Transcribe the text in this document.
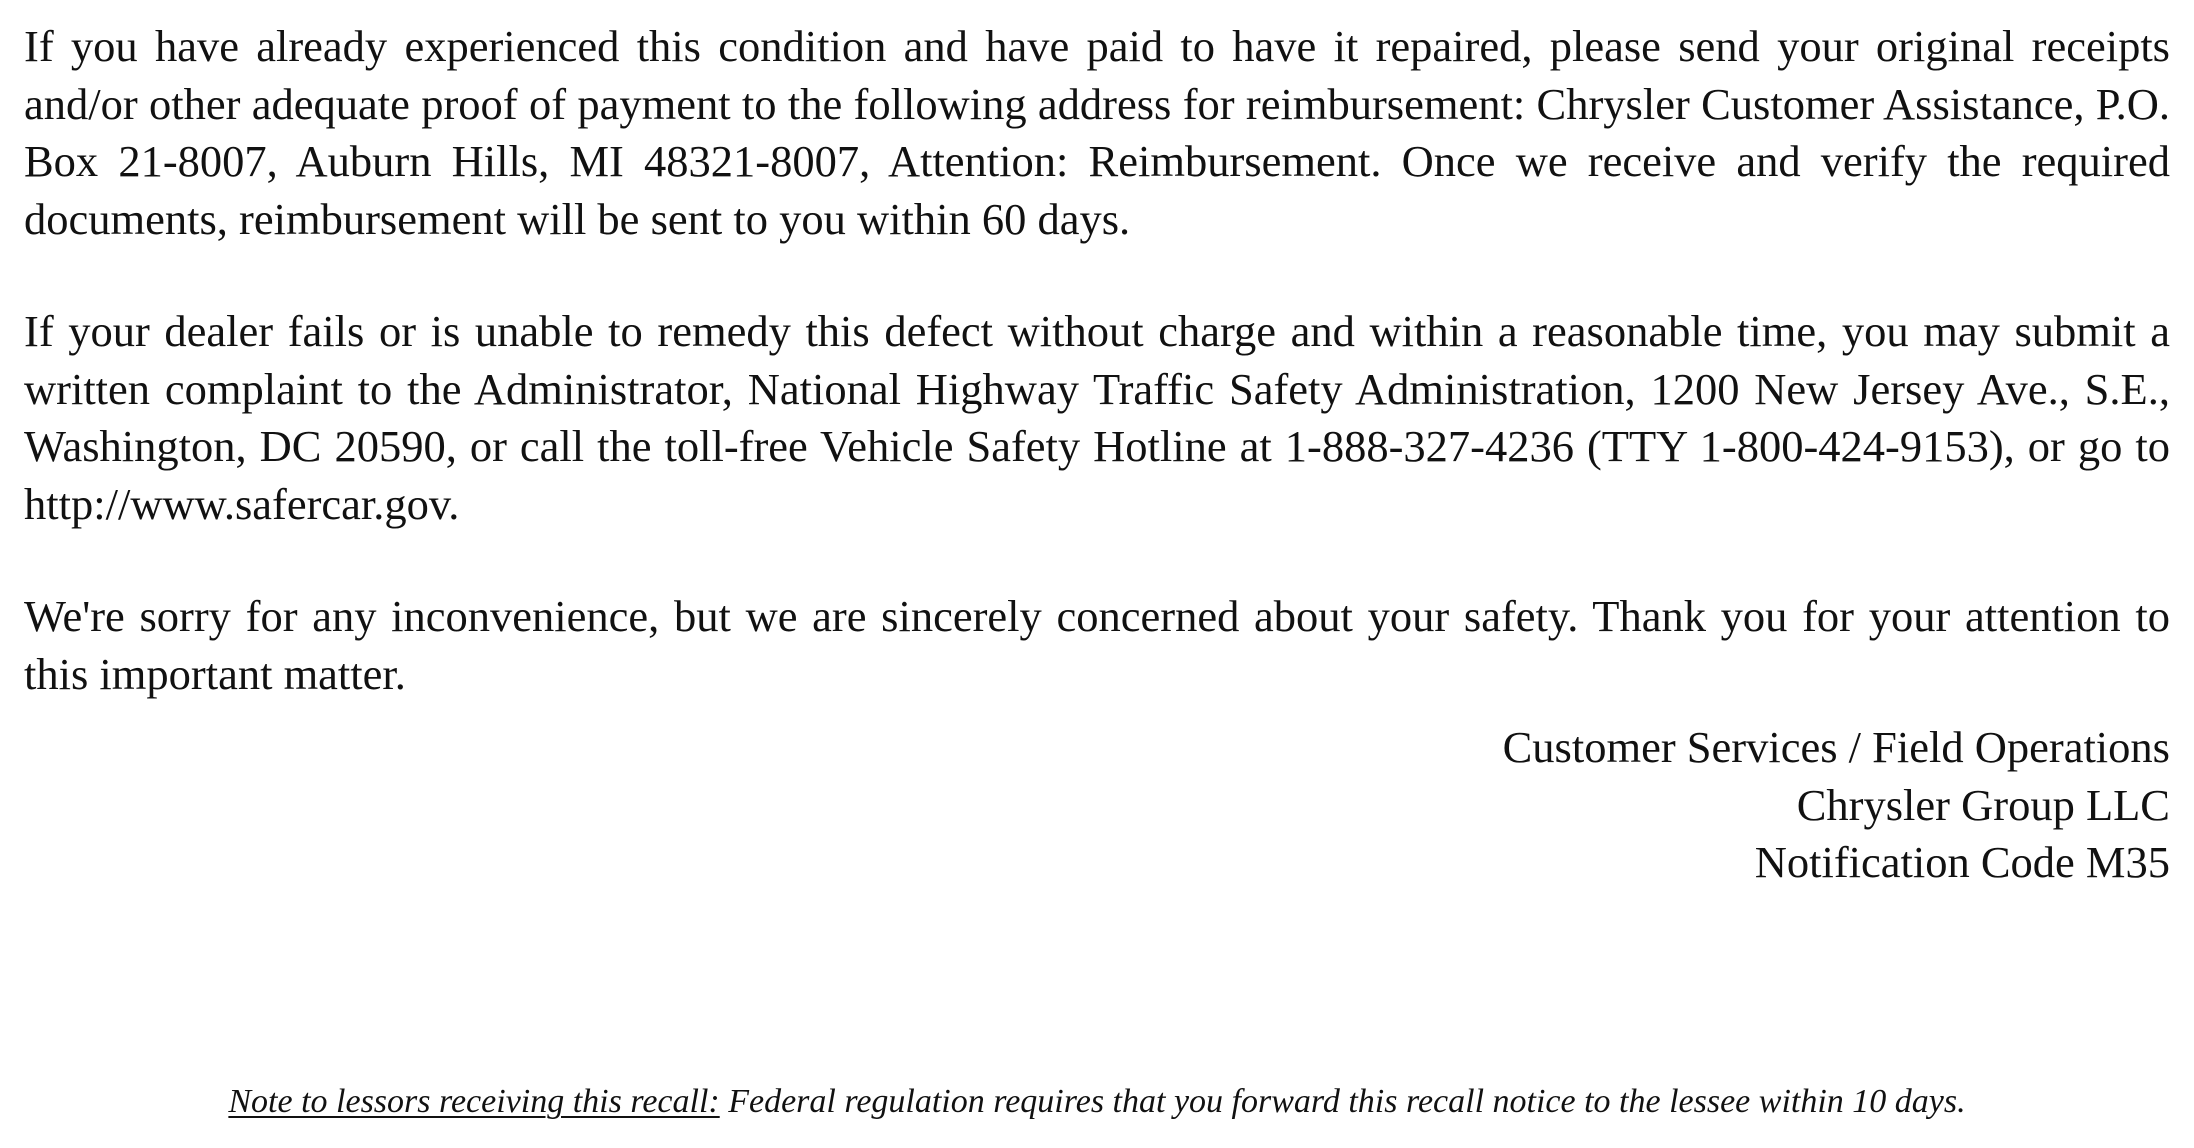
If you have already experienced this condition and have paid to have it repaired, please send your original receipts and/or other adequate proof of payment to the following address for reimbursement: Chrysler Customer Assistance, P.O. Box 21-8007, Auburn Hills, MI 48321-8007, Attention: Reimbursement. Once we receive and verify the required documents, reimbursement will be sent to you within 60 days.

If your dealer fails or is unable to remedy this defect without charge and within a reasonable time, you may submit a written complaint to the Administrator, National Highway Traffic Safety Administration, 1200 New Jersey Ave., S.E., Washington, DC 20590, or call the toll-free Vehicle Safety Hotline at 1-888-327-4236 (TTY 1-800-424-9153), or go to http://www.safercar.gov.

We're sorry for any inconvenience, but we are sincerely concerned about your safety. Thank you for your attention to this important matter.

Customer Services / Field Operations
Chrysler Group LLC
Notification Code M35
Note to lessors receiving this recall: Federal regulation requires that you forward this recall notice to the lessee within 10 days.
